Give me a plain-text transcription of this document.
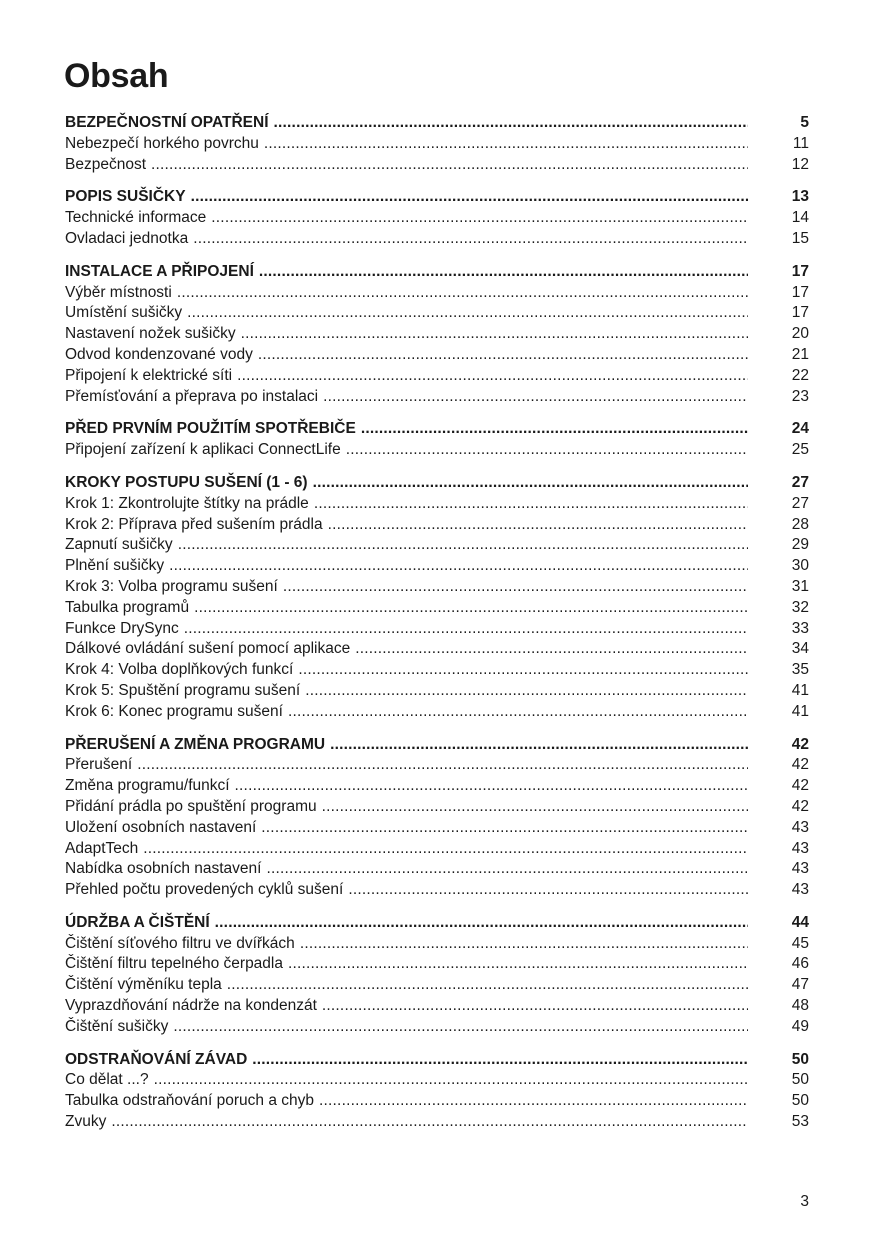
Obsah
BEZPEČNOSTNÍ OPATŘENÍ .....	5
Nebezpečí horkého povrchu .....	11
Bezpečnost .....	12
POPIS SUŠIČKY .....	13
Technické informace .....	14
Ovladaci jednotka .....	15
INSTALACE A PŘIPOJENÍ .....	17
Výběr místnosti .....	17
Umístění sušičky .....	17
Nastavení nožek sušičky .....	20
Odvod kondenzované vody .....	21
Připojení k elektrické síti .....	22
Přemísťování a přeprava po instalaci .....	23
PŘED PRVNÍM POUŽITÍM SPOTŘEBIČE .....	24
Připojení zařízení k aplikaci ConnectLife .....	25
KROKY POSTUPU SUŠENÍ (1 - 6) .....	27
Krok 1: Zkontrolujte štítky na prádle .....	27
Krok 2: Příprava před sušením prádla .....	28
Zapnutí sušičky .....	29
Plnění sušičky .....	30
Krok 3: Volba programu sušení .....	31
Tabulka programů .....	32
Funkce DrySync .....	33
Dálkové ovládání sušení pomocí aplikace .....	34
Krok 4: Volba doplňkových funkcí .....	35
Krok 5: Spuštění programu sušení .....	41
Krok 6: Konec programu sušení .....	41
PŘERUŠENÍ A ZMĚNA PROGRAMU .....	42
Přerušení .....	42
Změna programu/funkcí .....	42
Přidání prádla po spuštění programu .....	42
Uložení osobních nastavení .....	43
AdaptTech .....	43
Nabídka osobních nastavení .....	43
Přehled počtu provedených cyklů sušení .....	43
ÚDRŽBA A ČIŠTĚNÍ .....	44
Čištění síťového filtru ve dvířkách .....	45
Čištění filtru tepelného čerpadla .....	46
Čištění výměníku tepla .....	47
Vyprazdňování nádrže na kondenzát .....	48
Čištění sušičky .....	49
ODSTRAŇOVÁNÍ ZÁVAD .....	50
Co dělat ...? .....	50
Tabulka odstraňování poruch a chyb .....	50
Zvuky .....	53
3
